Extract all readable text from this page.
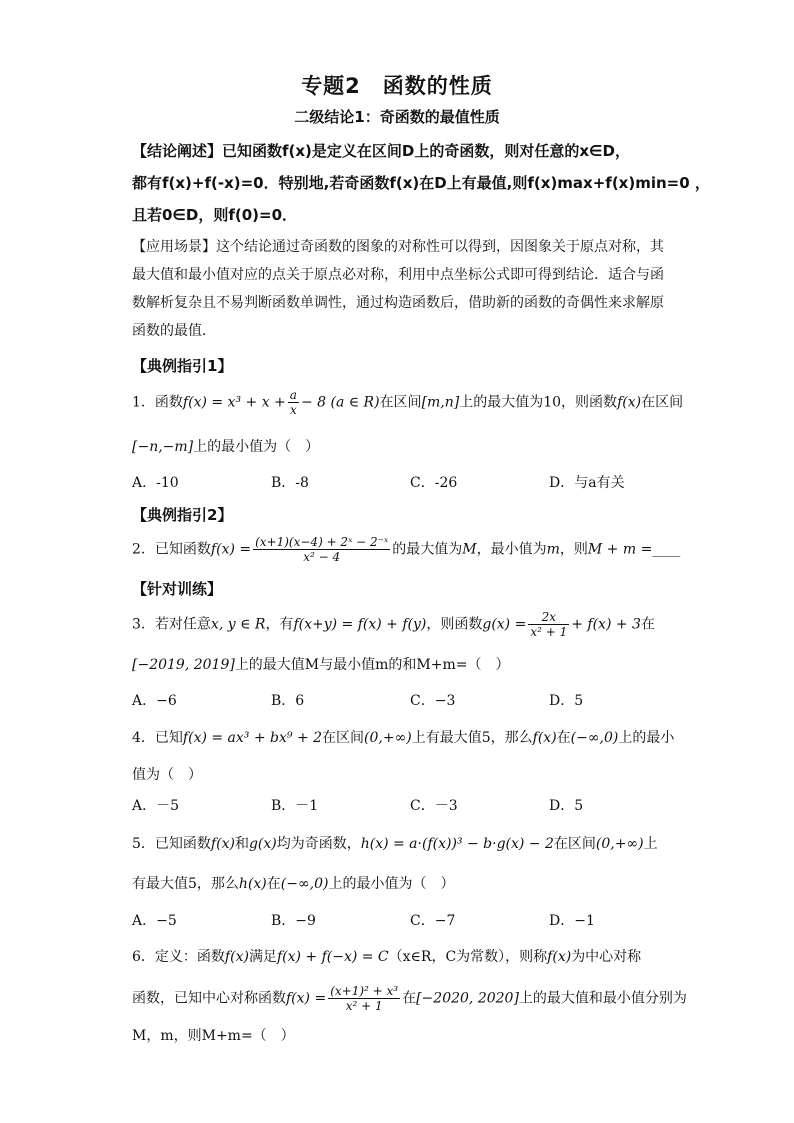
专题2　函数的性质
二级结论1：奇函数的最值性质
【结论阐述】已知函数f(x)是定义在区间D上的奇函数，则对任意的x∈D，
都有f(x)+f(-x)=0．特别地,若奇函数f(x)在D上有最值,则f(x)max+f(x)min=0 ，
且若0∈D，则f(0)=0．
【应用场景】这个结论通过奇函数的图象的对称性可以得到，因图象关于原点对称，其
最大值和最小值对应的点关于原点必对称，利用中点坐标公式即可得到结论．适合与函
数解析复杂且不易判断函数单调性，通过构造函数后，借助新的函数的奇偶性来求解原
函数的最值．
【典例指引1】
1．函数$f(x) = x^3 + x + \frac{a}{x} - 8$ (a ∈ R)在区间[m,n]上的最大值为10，则函数f(x)在区间
[−n,−m]上的最小值为（　）
A．-10	B．-8	C．-26	D．与a有关
【典例指引2】
2．已知函数$f(x) = \frac{\text{(x+1)(x−4) + 2ˣ − 2⁻ˣ}}{\text{x² − 4}}$ 的最大值为M，最小值为m，则M + m =____
【针对训练】
3．若对任意x, y ∈ R，有f(x+y) = f(x) + f(y)，则函数$g(x) = \frac{2x}{\text{x² + 1}} + f(x) + 3$在
[−2019, 2019]上的最大值M与最小值m的和M+m=（　）
A．−6	B．6	C．−3	D．5
4．已知f(x) = ax³ + bx⁹ + 2在区间(0,+∞)上有最大值5，那么f(x)在(−∞,0)上的最小
值为（　）
A．－5	B．－1	C．－3	D．5
5．已知函数f(x)和g(x)均为奇函数，h(x) = a·(f(x))³ − b·g(x) − 2在区间(0,+∞)上
有最大值5，那么h(x)在(−∞,0)上的最小值为（　）
A．−5	B．−9	C．−7	D．−1
6．定义：函数f(x)满足f(x) + f(−x) = C（x∈R，C为常数），则称f(x)为中心对称
函数，已知中心对称函数$f(x) = \frac{\text{(x+1)² + x³}}{\text{x² + 1}}$ 在[−2020, 2020]上的最大值和最小值分别为
M，m，则M+m=（　）
